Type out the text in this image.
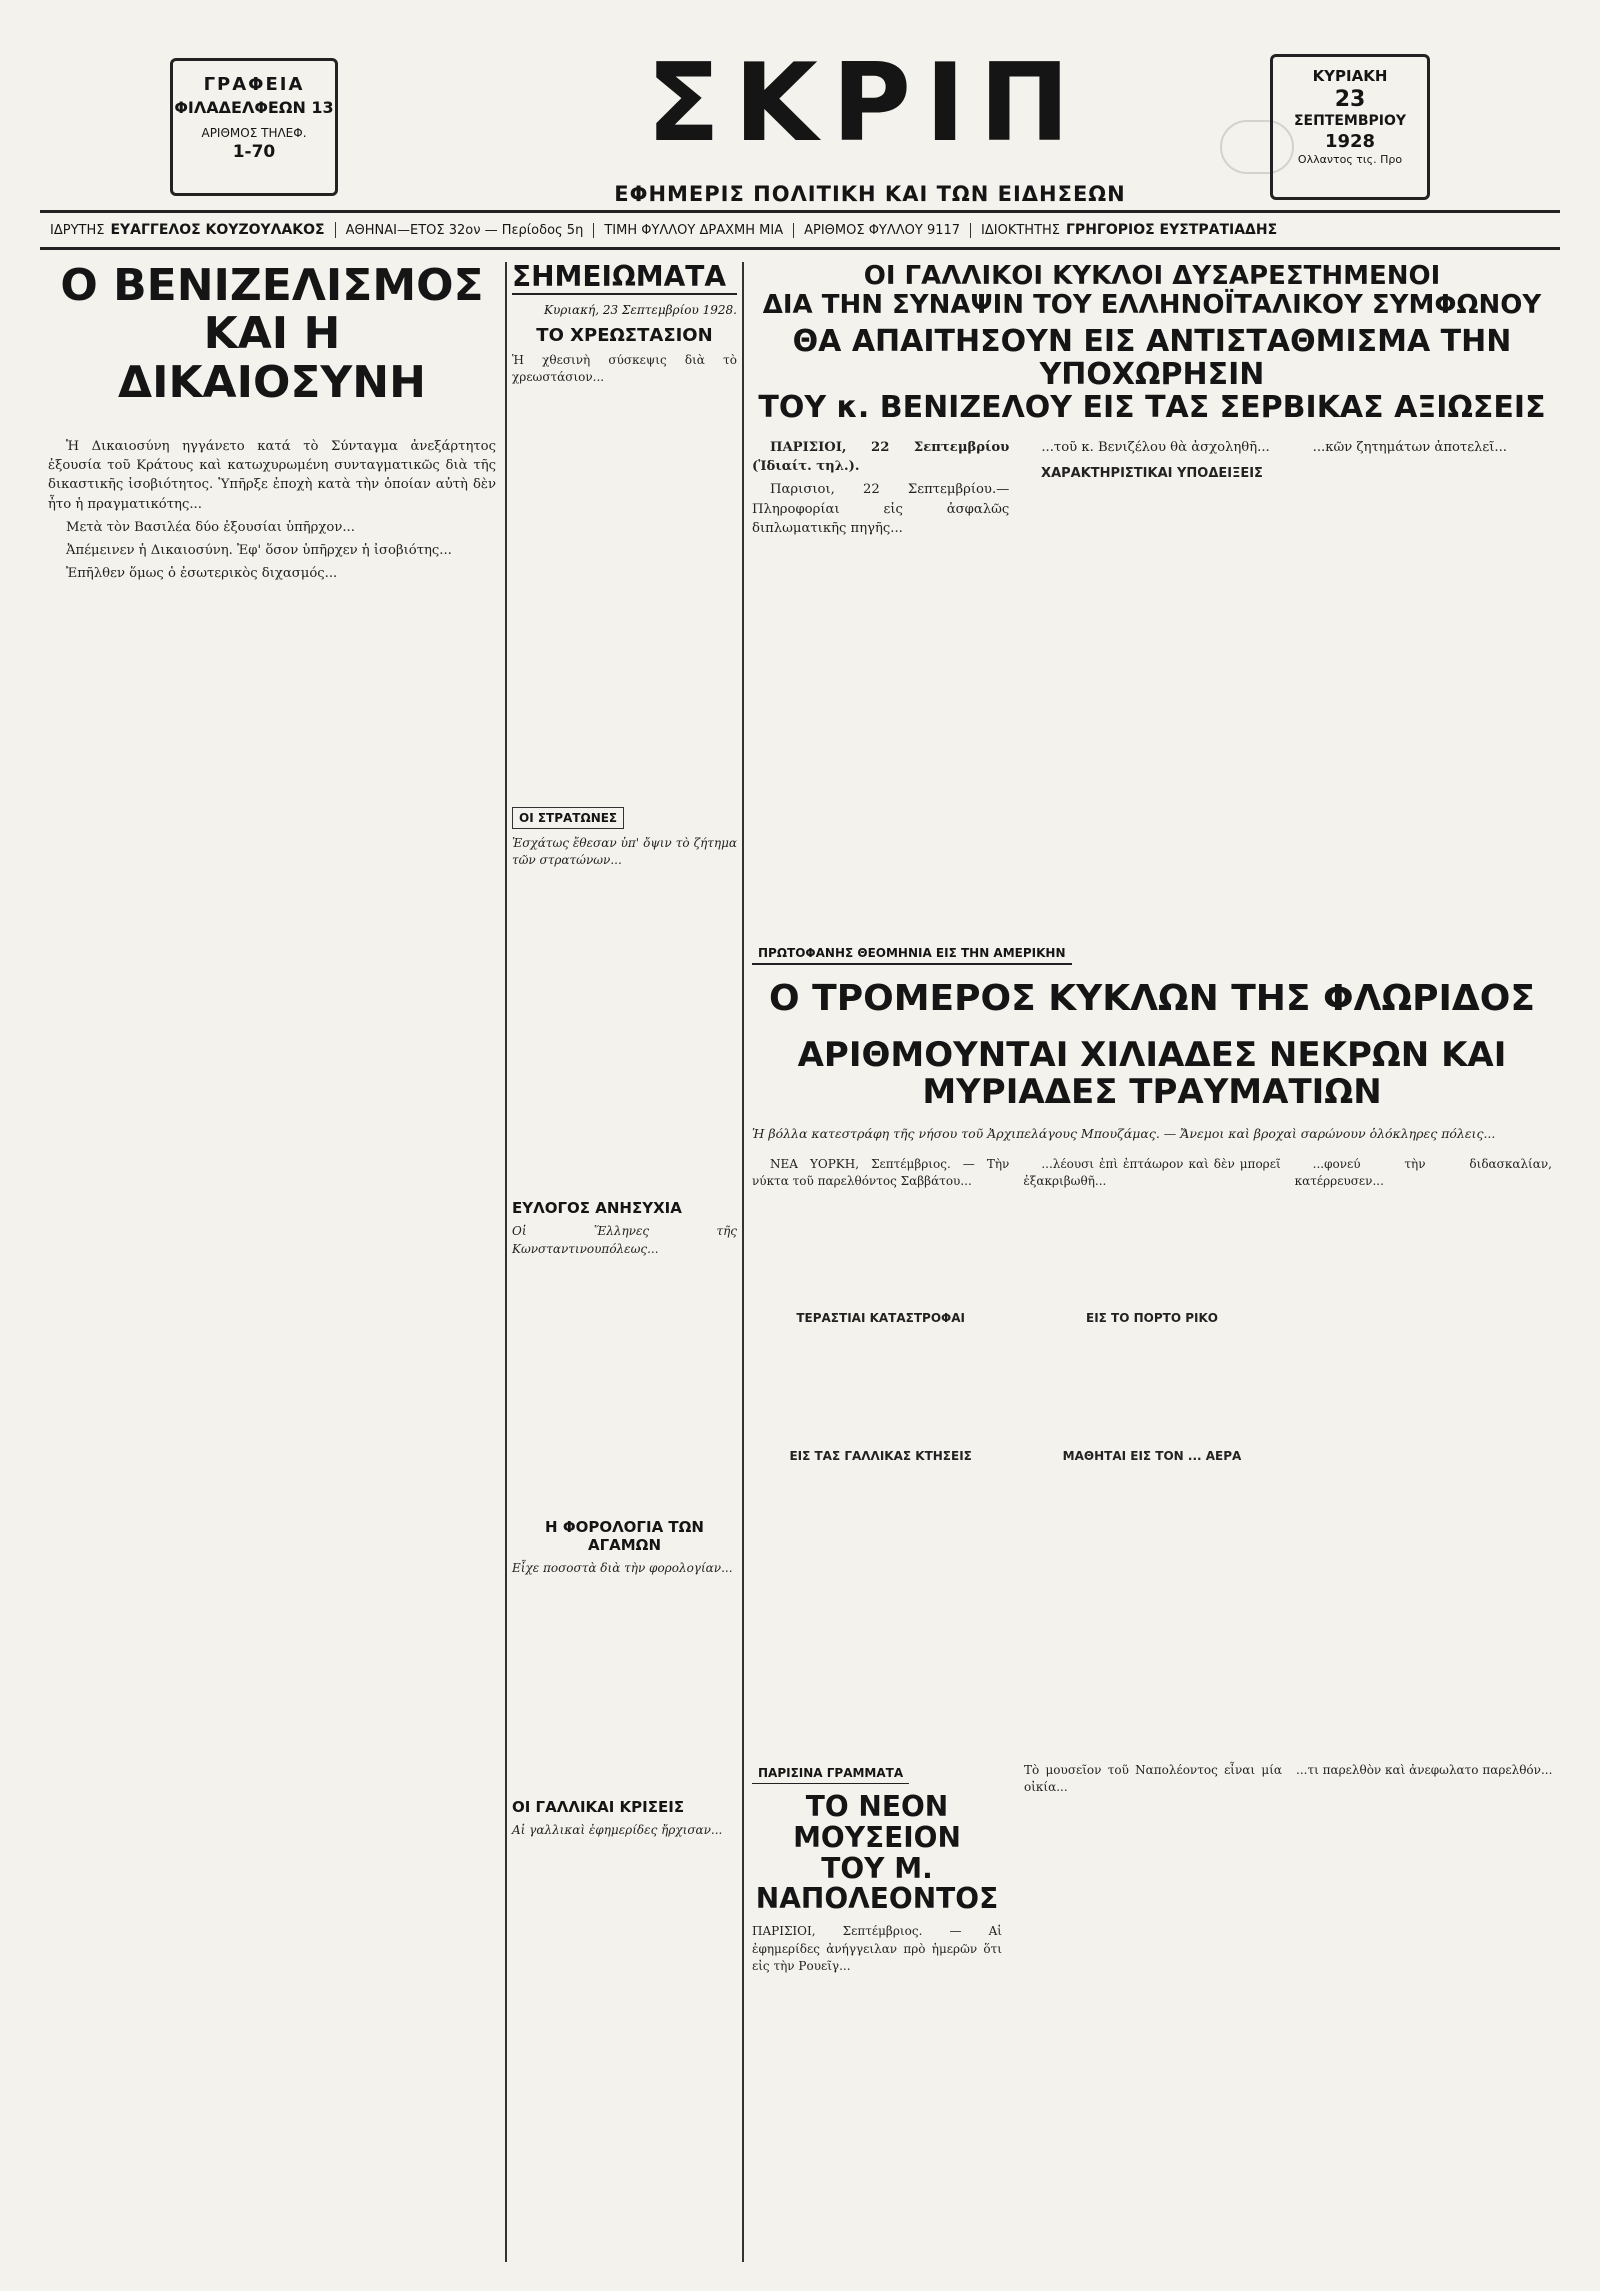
ΓΡΑΦΕΙΑ
ΦΙΛΑΔΕΛΦΕΩΝ 13
ΑΡΙΘΜΟΣ ΤΗΛΕΦ.
1-70	ΣΚΡΙΠ
ΕΦΗΜΕΡΙΣ ΠΟΛΙΤΙΚΗ ΚΑΙ ΤΩΝ ΕΙΔΗΣΕΩΝ
ΚΥΡΙΑΚΗ
23
ΣΕΠΤΕΜΒΡΙΟΥ
1928
Ολλαντος τις. Προ
ΙΔΡΥΤΗΣ ΕΥΑΓΓΕΛΟΣ ΚΟΥΖΟΥΛΑΚΟΣ	ΑΘΗΝΑΙ—ΕΤΟΣ 32ον — Περίοδος 5η	ΤΙΜΗ ΦΥΛΛΟΥ ΔΡΑΧΜΗ ΜΙΑ	ΑΡΙΘΜΟΣ ΦΥΛΛΟΥ 9117	ΙΔΙΟΚΤΗΤΗΣ ΓΡΗΓΟΡΙΟΣ ΕΥΣΤΡΑΤΙΑΔΗΣ
Ο ΒΕΝΙΖΕΛΙΣΜΟΣ
ΚΑΙ Η ΔΙΚΑΙΟΣΥΝΗ

Ἡ Δικαιοσύνη ηγγάνετο κατά τὸ Σύνταγμα ἀνεξάρτητος ἐξουσία τοῦ Κράτους καὶ κατωχυρωμένη συνταγματικῶς διὰ τῆς δικαστικῆς ἰσοβιότητος. Ὑπῆρξε ἐποχὴ κατὰ τὴν ὁποίαν αὐτὴ δὲν ἦτο ἡ πραγματικότης...

Μετὰ τὸν Βασιλέα δύο ἐξουσίαι ὑπῆρχον...

Ἀπέμεινεν ἡ Δικαιοσύνη. Ἐφ' ὅσον ὑπῆρχεν ἡ ἰσοβιότης...

Ἐπῆλθεν ὅμως ὁ ἐσωτερικὸς διχασμός...

ΣΗΜΕΙΩΜΑΤΑ
Κυριακή, 23 Σεπτεμβρίου 1928.
ΤΟ ΧΡΕΩΣΤΑΣΙΟΝ
Ἡ χθεσινὴ σύσκεψις διὰ τὸ χρεωστάσιον...
ΟΙ ΣΤΡΑΤΩΝΕΣ
Ἐσχάτως ἔθεσαν ὑπ' ὄψιν τὸ ζήτημα τῶν στρατώνων...
ΕΥΛΟΓΟΣ ΑΝΗΣΥΧΙΑ
Οἱ Ἕλληνες τῆς Κωνσταντινουπόλεως...
Η ΦΟΡΟΛΟΓΙΑ ΤΩΝ ΑΓΑΜΩΝ
Εἶχε ποσοστὰ διὰ τὴν φορολογίαν...
ΟΙ ΓΑΛΛΙΚΑΙ ΚΡΙΣΕΙΣ
Αἱ γαλλικαὶ ἐφημερίδες ἤρχισαν...
ΟΙ ΓΑΛΛΙΚΟΙ ΚΥΚΛΟΙ ΔΥΣΑΡΕΣΤΗΜΕΝΟΙ
ΔΙΑ ΤΗΝ ΣΥΝΑΨΙΝ ΤΟΥ ΕΛΛΗΝΟΪΤΑΛΙΚΟΥ ΣΥΜΦΩΝΟΥ
ΘΑ ΑΠΑΙΤΗΣΟΥΝ ΕΙΣ ΑΝΤΙΣΤΑΘΜΙΣΜΑ ΤΗΝ ΥΠΟΧΩΡΗΣΙΝ
ΤΟΥ κ. ΒΕΝΙΖΕΛΟΥ ΕΙΣ ΤΑΣ ΣΕΡΒΙΚΑΣ ΑΞΙΩΣΕΙΣ

ΠΑΡΙΣΙΟΙ, 22 Σεπτεμβρίου (Ἰδιαίτ. τηλ.).

Παρισιοι, 22 Σεπτεμβρίου.— Πληροφορίαι εἰς ἀσφαλῶς διπλωματικῆς πηγῆς...

...τοῦ κ. Βενιζέλου θὰ ἀσχοληθῆ...

ΧΑΡΑΚΤΗΡΙΣΤΙΚΑΙ ΥΠΟΔΕΙΞΕΙΣ

...κῶν ζητημάτων ἀποτελεῖ...

ΠΡΩΤΟΦΑΝΗΣ ΘΕΟΜΗΝΙΑ ΕΙΣ ΤΗΝ ΑΜΕΡΙΚΗΝ
Ο ΤΡΟΜΕΡΟΣ ΚΥΚΛΩΝ ΤΗΣ ΦΛΩΡΙΔΟΣ
ΑΡΙΘΜΟΥΝΤΑΙ ΧΙΛΙΑΔΕΣ ΝΕΚΡΩΝ ΚΑΙ ΜΥΡΙΑΔΕΣ ΤΡΑΥΜΑΤΙΩΝ
Ἡ βόλλα κατεστράφη τῆς νήσου τοῦ Ἀρχιπελάγους Μπουζάμας. — Ἄνεμοι καὶ βροχαὶ σαρώνουν ὁλόκληρες πόλεις...

ΝΕΑ ΥΟΡΚΗ, Σεπτέμβριος. — Τὴν νύκτα τοῦ παρελθόντος Σαββάτου...

ΤΕΡΑΣΤΙΑΙ ΚΑΤΑΣΤΡΟΦΑΙ
ΕΙΣ ΤΑΣ ΓΑΛΛΙΚΑΣ ΚΤΗΣΕΙΣ

...λέουσι ἐπὶ ἐπτάωρον καὶ δὲν μπορεῖ ἐξακριβωθῆ...

ΕΙΣ ΤΟ ΠΟΡΤΟ ΡΙΚΟ
ΜΑΘΗΤΑΙ ΕΙΣ ΤΟΝ ... ΑΕΡΑ

...φονεύ τὴν διδασκαλίαν, κατέρρευσεν...

ΠΑΡΙΣΙΝΑ ΓΡΑΜΜΑΤΑ
ΤΟ ΝΕΟΝ ΜΟΥΣΕΙΟΝ
ΤΟΥ Μ. ΝΑΠΟΛΕΟΝΤΟΣ
ΠΑΡΙΣΙΟΙ, Σεπτέμβριος. — Αἱ ἐφημερίδες ἀνήγγειλαν πρὸ ἡμερῶν ὅτι εἰς τὴν Ρουεῖγ...
Τὸ μουσεῖον τοῦ Ναπολέοντος εἶναι μία οἰκία...
...τι παρελθὸν καὶ ἀνεφωλατο παρελθόν...
